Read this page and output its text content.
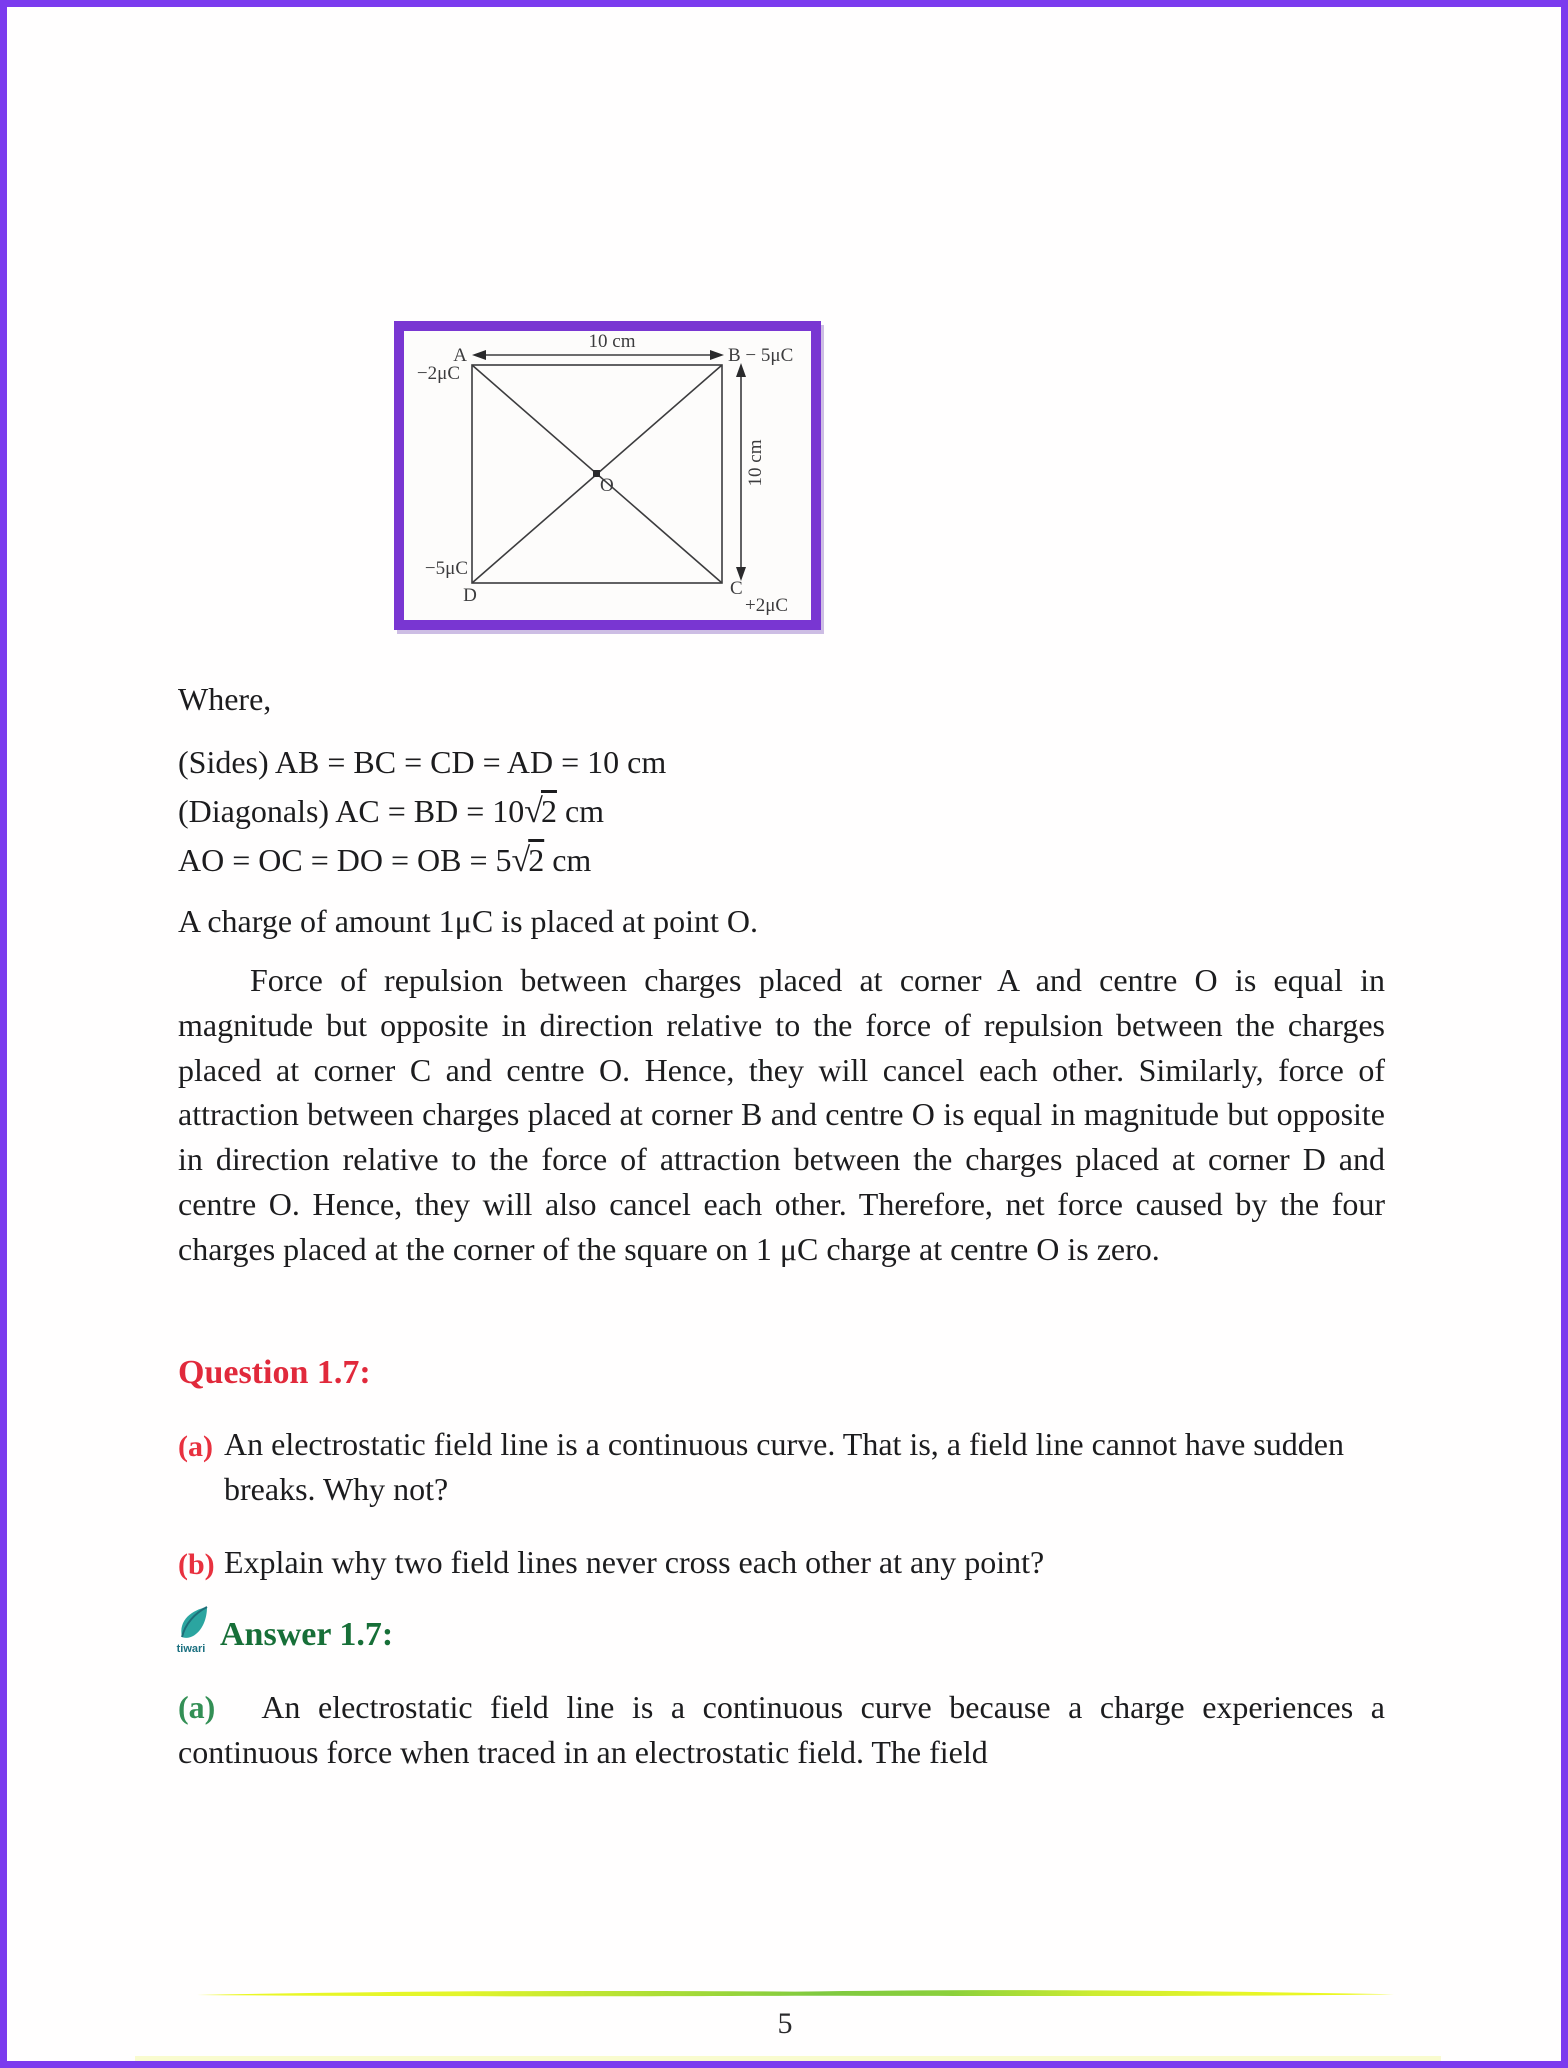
10 cm
10 cm
A
−2μC
B − 5μC
−5μC
D	C
+2μC
O

Where,

(Sides) AB = BC = CD = AD = 10 cm

(Diagonals) AC = BD = 10√2 cm

AO = OC = DO = OB = 5√2 cm

A charge of amount 1μC is placed at point O.

Force of repulsion between charges placed at corner A and centre O is equal in magnitude but opposite in direction relative to the force of repulsion between the charges placed at corner C and centre O. Hence, they will cancel each other. Similarly, force of attraction between charges placed at corner B and centre O is equal in magnitude but opposite in direction relative to the force of attraction between the charges placed at corner D and centre O. Hence, they will also cancel each other. Therefore, net force caused by the four charges placed at the corner of the square on 1 μC charge at centre O is zero.

Question 1.7:
(a) An electrostatic field line is a continuous curve. That is, a field line cannot have sudden breaks. Why not?
(b) Explain why two field lines never cross each other at any point?
tiwari Answer 1.7:

(a) An electrostatic field line is a continuous curve because a charge experiences a continuous force when traced in an electrostatic field. The field

5
